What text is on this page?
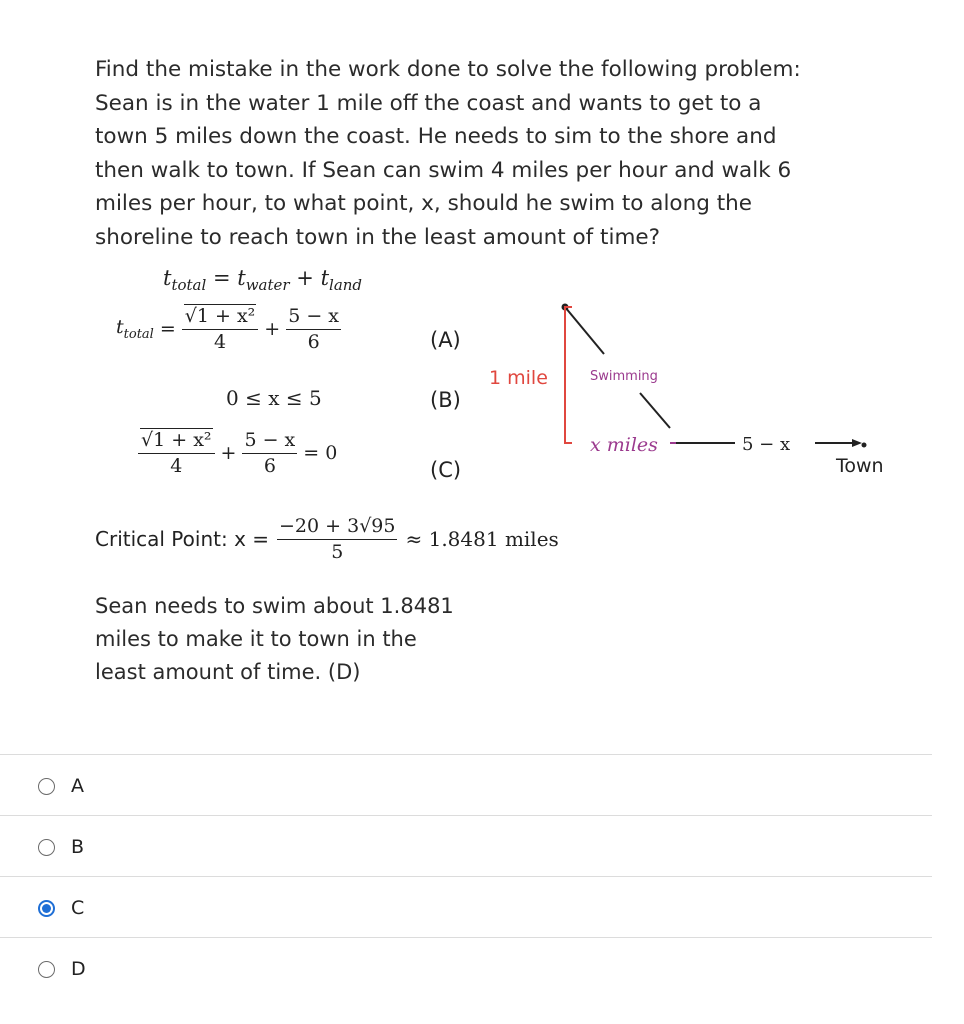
Find the mistake in the work done to solve the following problem:

Sean is in the water 1 mile off the coast and wants to get to a

town 5 miles down the coast. He needs to sim to the shore and

then walk to town. If Sean can swim 4 miles per hour and walk 6

miles per hour, to what point, x, should he swim to along the

shoreline to reach town in the least amount of time?

$t_{total} = t_{water} + t_{land}$
$t_{total} = \frac{\text{√1 + x²}}{4} + \frac{5 - x}{6}$	(A)
0 ≤ x ≤ 5	(B)
$\frac{\text{√1 + x²}}{4} + \frac{5 - x}{6} = 0$
(C)
Critical Point: $x = \frac{-20 + 3√95}{5} \approx 1.8481$ miles
Sean needs to swim about 1.8481
miles to make it to town in the
least amount of time. (D)
1 mile	Swimming
x miles	5 − x
Town
A
B
C
D
